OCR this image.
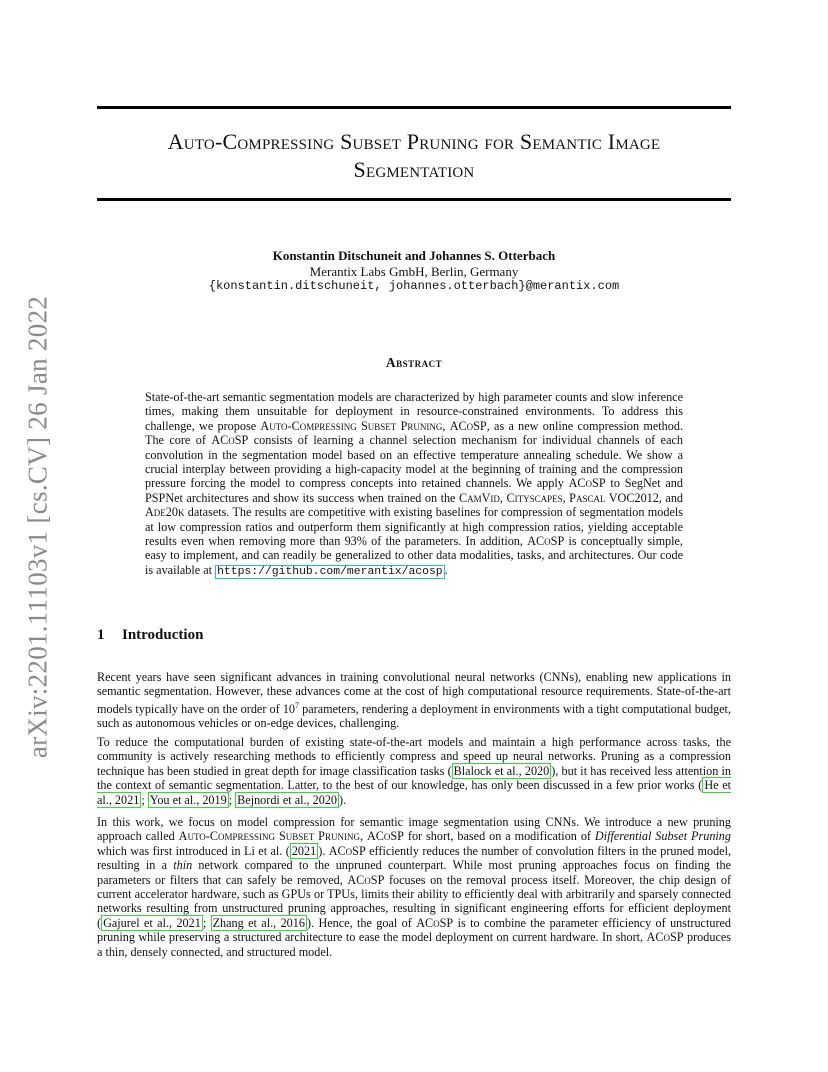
Auto-Compressing Subset Pruning for Semantic Image
Segmentation
Konstantin Ditschuneit and Johannes S. Otterbach
Merantix Labs GmbH, Berlin, Germany
{konstantin.ditschuneit, johannes.otterbach}@merantix.com
arXiv:2201.11103v1 [cs.CV] 26 Jan 2022	Abstract
State-of-the-art semantic segmentation models are characterized by high parameter counts and slow inference times, making them unsuitable for deployment in resource-constrained environments. To address this challenge, we propose Auto-Compressing Subset Pruning, ACoSP, as a new online compression method. The core of ACoSP consists of learning a channel selection mechanism for individual channels of each convolution in the segmentation model based on an effective temperature annealing schedule. We show a crucial interplay between providing a high-capacity model at the beginning of training and the compression pressure forcing the model to compress concepts into retained channels. We apply ACoSP to SegNet and PSPNet architectures and show its success when trained on the CamVid, Cityscapes, Pascal VOC2012, and Ade20k datasets. The results are competitive with existing baselines for compression of segmentation models at low compression ratios and outperform them significantly at high compression ratios, yielding acceptable results even when removing more than 93% of the parameters. In addition, ACoSP is conceptually simple, easy to implement, and can readily be generalized to other data modalities, tasks, and architectures. Our code is available at https://github.com/merantix/acosp .
1 Introduction
Recent years have seen significant advances in training convolutional neural networks (CNNs), enabling new applications in semantic segmentation. However, these advances come at the cost of high computational resource requirements. State-of-the-art models typically have on the order of $10^7$ parameters, rendering a deployment in environments with a tight computational budget, such as autonomous vehicles or on-edge devices, challenging.
To reduce the computational burden of existing state-of-the-art models and maintain a high performance across tasks, the community is actively researching methods to efficiently compress and speed up neural networks. Pruning as a compression technique has been studied in great depth for image classification tasks ( Blalock et al., 2020 ), but it has received less attention in the context of semantic segmentation. Latter, to the best of our knowledge, has only been discussed in a few prior works ( He et al., 2021 ; You et al., 2019 ; Bejnordi et al., 2020 ).
In this work, we focus on model compression for semantic image segmentation using CNNs. We introduce a new pruning approach called Auto-Compressing Subset Pruning, ACoSP for short, based on a modification of Differential Subset Pruning which was first introduced in Li et al. ( 2021 ). ACoSP efficiently reduces the number of convolution filters in the pruned model, resulting in a thin network compared to the unpruned counterpart. While most pruning approaches focus on finding the parameters or filters that can safely be removed, ACoSP focuses on the removal process itself. Moreover, the chip design of current accelerator hardware, such as GPUs or TPUs, limits their ability to efficiently deal with arbitrarily and sparsely connected networks resulting from unstructured pruning approaches, resulting in significant engineering efforts for efficient deployment ( Gajurel et al., 2021 ; Zhang et al., 2016 ). Hence, the goal of ACoSP is to combine the parameter efficiency of unstructured pruning while preserving a structured architecture to ease the model deployment on current hardware. In short, ACoSP produces a thin, densely connected, and structured model.
